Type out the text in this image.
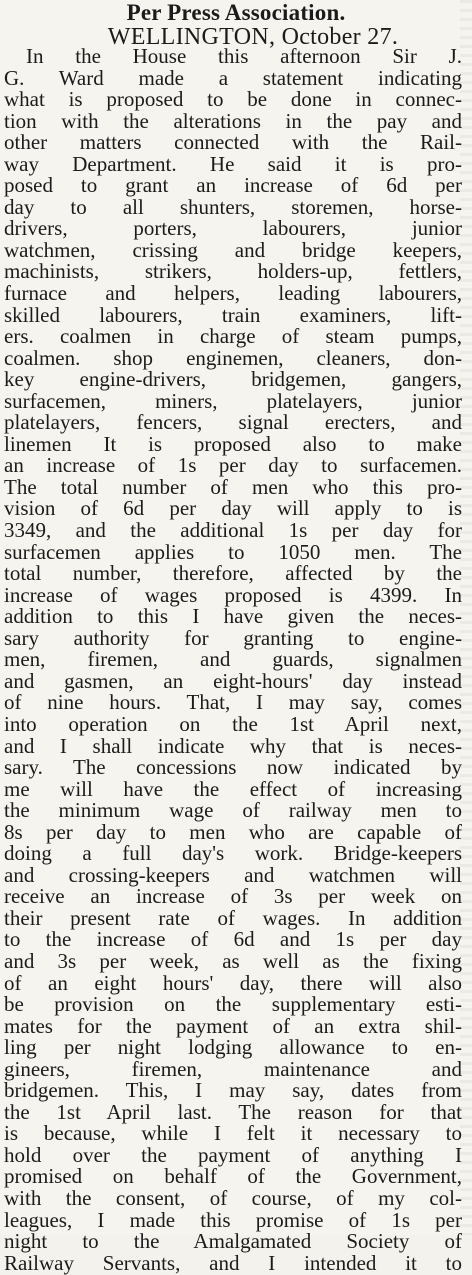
Per Press Association.
WELLINGTON, October 27.
In the House this afternoon Sir J.
G. Ward made a statement indicating
what is proposed to be done in connec-
tion with the alterations in the pay and
other matters connected with the Rail-
way Department. He said it is pro-
posed to grant an increase of 6d per
day to all shunters, storemen, horse-
drivers, porters, labourers, junior
watchmen, crissing and bridge keepers,
machinists, strikers, holders-up, fettlers,
furnace and helpers, leading labourers,
skilled labourers, train examiners, lift-
ers. coalmen in charge of steam pumps,
coalmen. shop enginemen, cleaners, don-
key engine-drivers, bridgemen, gangers,
surfacemen, miners, platelayers, junior
platelayers, fencers, signal erecters, and
linemen It is proposed also to make
an increase of 1s per day to surfacemen.
The total number of men who this pro-
vision of 6d per day will apply to is
3349, and the additional 1s per day for
surfacemen applies to 1050 men. The
total number, therefore, affected by the
increase of wages proposed is 4399. In
addition to this I have given the neces-
sary authority for granting to engine-
men, firemen, and guards, signalmen
and gasmen, an eight-hours' day instead
of nine hours. That, I may say, comes
into operation on the 1st April next,
and I shall indicate why that is neces-
sary. The concessions now indicated by
me will have the effect of increasing
the minimum wage of railway men to
8s per day to men who are capable of
doing a full day's work. Bridge-keepers
and crossing-keepers and watchmen will
receive an increase of 3s per week on
their present rate of wages. In addition
to the increase of 6d and 1s per day
and 3s per week, as well as the fixing
of an eight hours' day, there will also
be provision on the supplementary esti-
mates for the payment of an extra shil-
ling per night lodging allowance to en-
gineers, firemen, maintenance and
bridgemen. This, I may say, dates from
the 1st April last. The reason for that
is because, while I felt it necessary to
hold over the payment of anything I
promised on behalf of the Government,
with the consent, of course, of my col-
leagues, I made this promise of 1s per
night to the Amalgamated Society of
Railway Servants, and I intended it to
